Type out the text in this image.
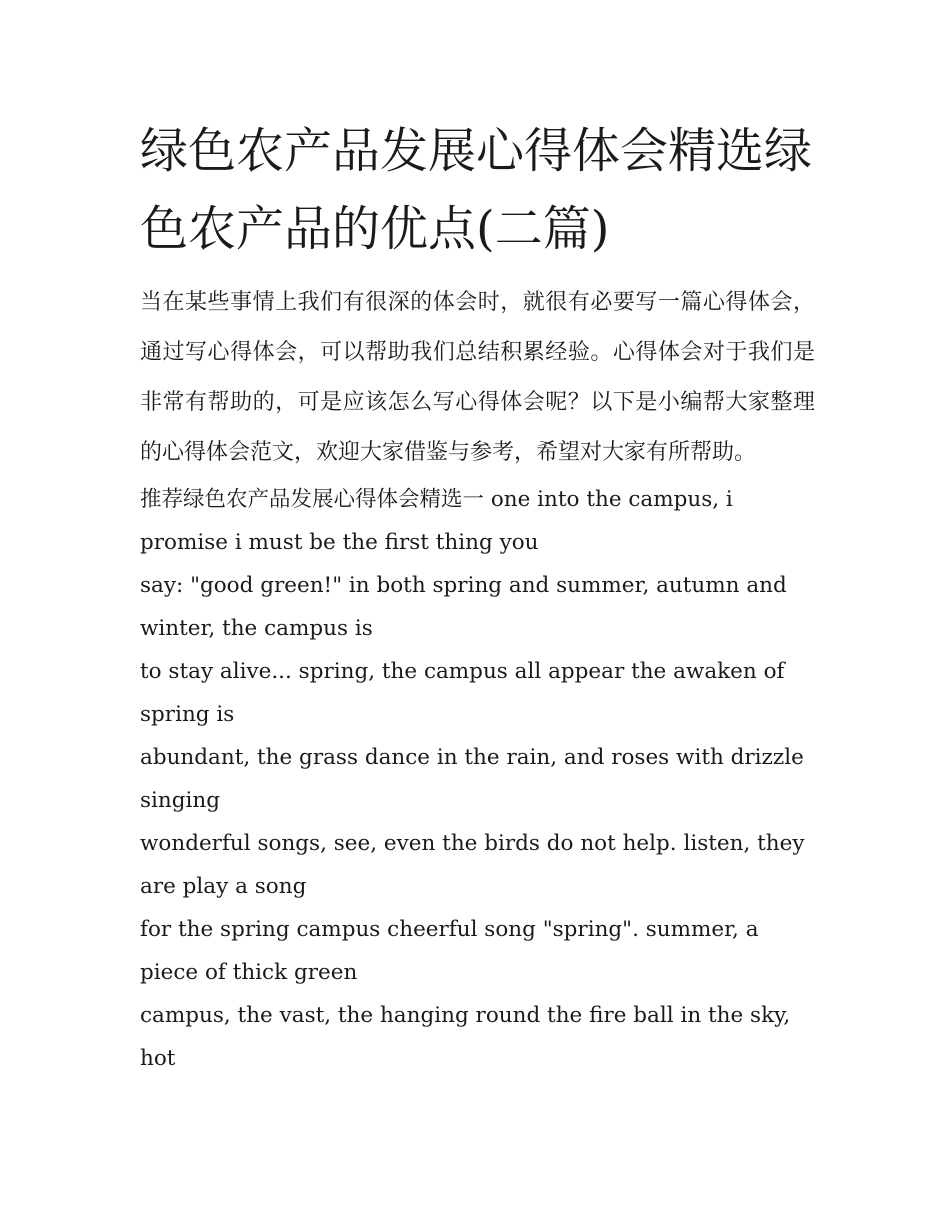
绿色农产品发展心得体会精选绿色农产品的优点(二篇)

当在某些事情上我们有很深的体会时，就很有必要写一篇心得体会，通过写心得体会，可以帮助我们总结积累经验。心得体会对于我们是非常有帮助的，可是应该怎么写心得体会呢？以下是小编帮大家整理的心得体会范文，欢迎大家借鉴与参考，希望对大家有所帮助。

推荐绿色农产品发展心得体会精选一 one into the campus, i promise i must be the first thing you
say: "good green!" in both spring and summer, autumn and winter, the campus is
to stay alive... spring, the campus all appear the awaken of spring is
abundant, the grass dance in the rain, and roses with drizzle singing
wonderful songs, see, even the birds do not help. listen, they are play a song
for the spring campus cheerful song "spring". summer, a piece of thick green
campus, the vast, the hanging round the fire ball in the sky, hot
